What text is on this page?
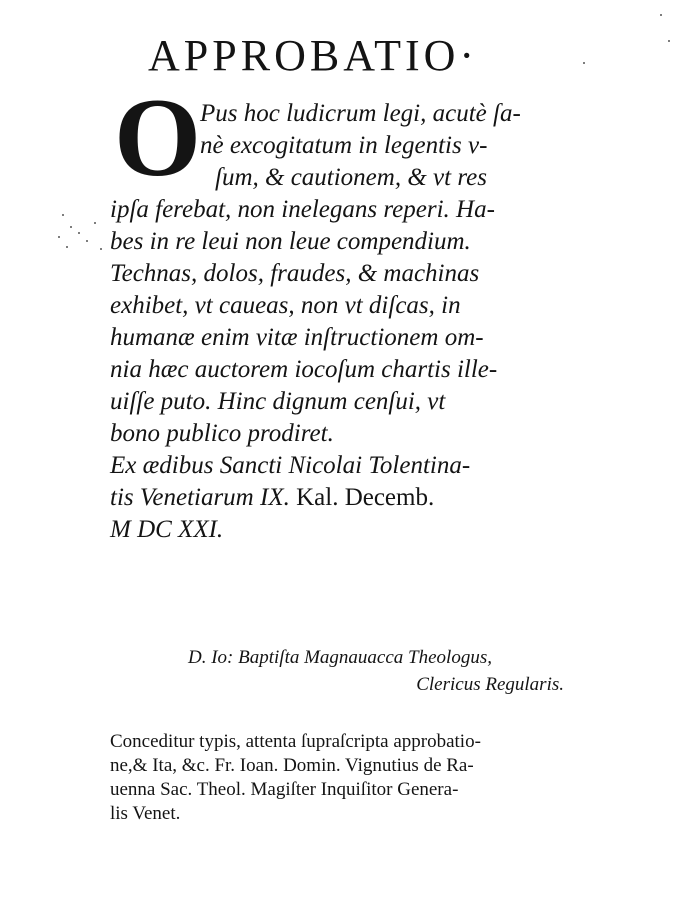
APPROBATIO·
O
Pus hoc ludicrum legi, acutè ſa-
nè excogitatum in legentis v-
ſum, & cautionem, & vt res
ipſa ferebat, non inelegans reperi. Ha-
bes in re leui non leue compendium.
Technas, dolos, fraudes, & machinas
exhibet, vt caueas, non vt diſcas, in
humanæ enim vitæ inſtructionem om-
nia hæc auctorem iocoſum chartis ille-
uiſſe puto. Hinc dignum cenſui, vt
bono publico prodiret.
Ex ædibus Sancti Nicolai Tolentina-
tis Venetiarum IX. Kal. Decemb.
M DC XXI.
D. Io: Baptiſta Magnauacca Theologus,
Clericus Regularis.
Conceditur typis, attenta ſupraſcripta approbatio-
ne,& Ita, &c. Fr. Ioan. Domin. Vignutius de Ra-
uenna Sac. Theol. Magiſter Inquiſitor Genera-
lis Venet.
